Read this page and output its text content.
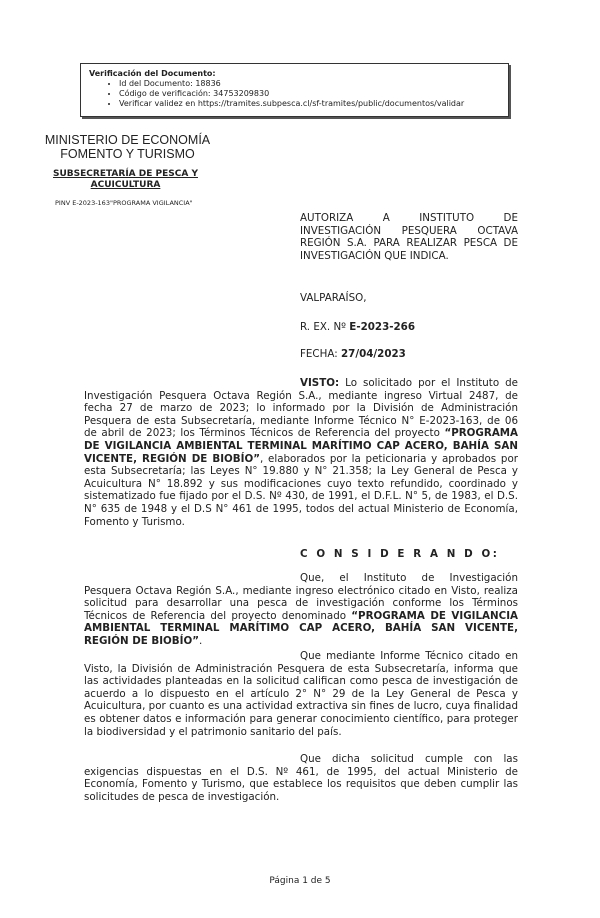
Verificación del Documento:
• Id del Documento: 18836
• Código de verificación: 34753209830
• Verificar validez en https://tramites.subpesca.cl/sf-tramites/public/documentos/validar
MINISTERIO DE ECONOMÍA
FOMENTO Y TURISMO
SUBSECRETARÍA DE PESCA Y ACUICULTURA
PINV E-2023-163"PROGRAMA VIGILANCIA"
AUTORIZA A INSTITUTO DE INVESTIGACIÓN PESQUERA OCTAVA REGIÓN S.A. PARA REALIZAR PESCA DE INVESTIGACIÓN QUE INDICA.
VALPARAÍSO,
R. EX. Nº E-2023-266
FECHA: 27/04/2023
VISTO: Lo solicitado por el Instituto de Investigación Pesquera Octava Región S.A., mediante ingreso Virtual 2487, de fecha 27 de marzo de 2023; lo informado por la División de Administración Pesquera de esta Subsecretaría, mediante Informe Técnico N° E-2023-163, de 06 de abril de 2023; los Términos Técnicos de Referencia del proyecto “PROGRAMA DE VIGILANCIA AMBIENTAL TERMINAL MARÍTIMO CAP ACERO, BAHÍA SAN VICENTE, REGIÓN DE BIOBÍO”, elaborados por la peticionaria y aprobados por esta Subsecretaría; las Leyes N° 19.880 y N° 21.358; la Ley General de Pesca y Acuicultura N° 18.892 y sus modificaciones cuyo texto refundido, coordinado y sistematizado fue fijado por el D.S. Nº 430, de 1991, el D.F.L. N° 5, de 1983, el D.S. N° 635 de 1948 y el D.S N° 461 de 1995, todos del actual Ministerio de Economía, Fomento y Turismo.
C O N S I D E R A N D O:
Que, el Instituto de Investigación Pesquera Octava Región S.A., mediante ingreso electrónico citado en Visto, realiza solicitud para desarrollar una pesca de investigación conforme los Términos Técnicos de Referencia del proyecto denominado “PROGRAMA DE VIGILANCIA AMBIENTAL TERMINAL MARÍTIMO CAP ACERO, BAHÍA SAN VICENTE, REGIÓN DE BIOBÍO”.
Que mediante Informe Técnico citado en Visto, la División de Administración Pesquera de esta Subsecretaría, informa que las actividades planteadas en la solicitud califican como pesca de investigación de acuerdo a lo dispuesto en el artículo 2° N° 29 de la Ley General de Pesca y Acuicultura, por cuanto es una actividad extractiva sin fines de lucro, cuya finalidad es obtener datos e información para generar conocimiento científico, para proteger la biodiversidad y el patrimonio sanitario del país.
Que dicha solicitud cumple con las exigencias dispuestas en el D.S. Nº 461, de 1995, del actual Ministerio de Economía, Fomento y Turismo, que establece los requisitos que deben cumplir las solicitudes de pesca de investigación.
Página 1 de 5
